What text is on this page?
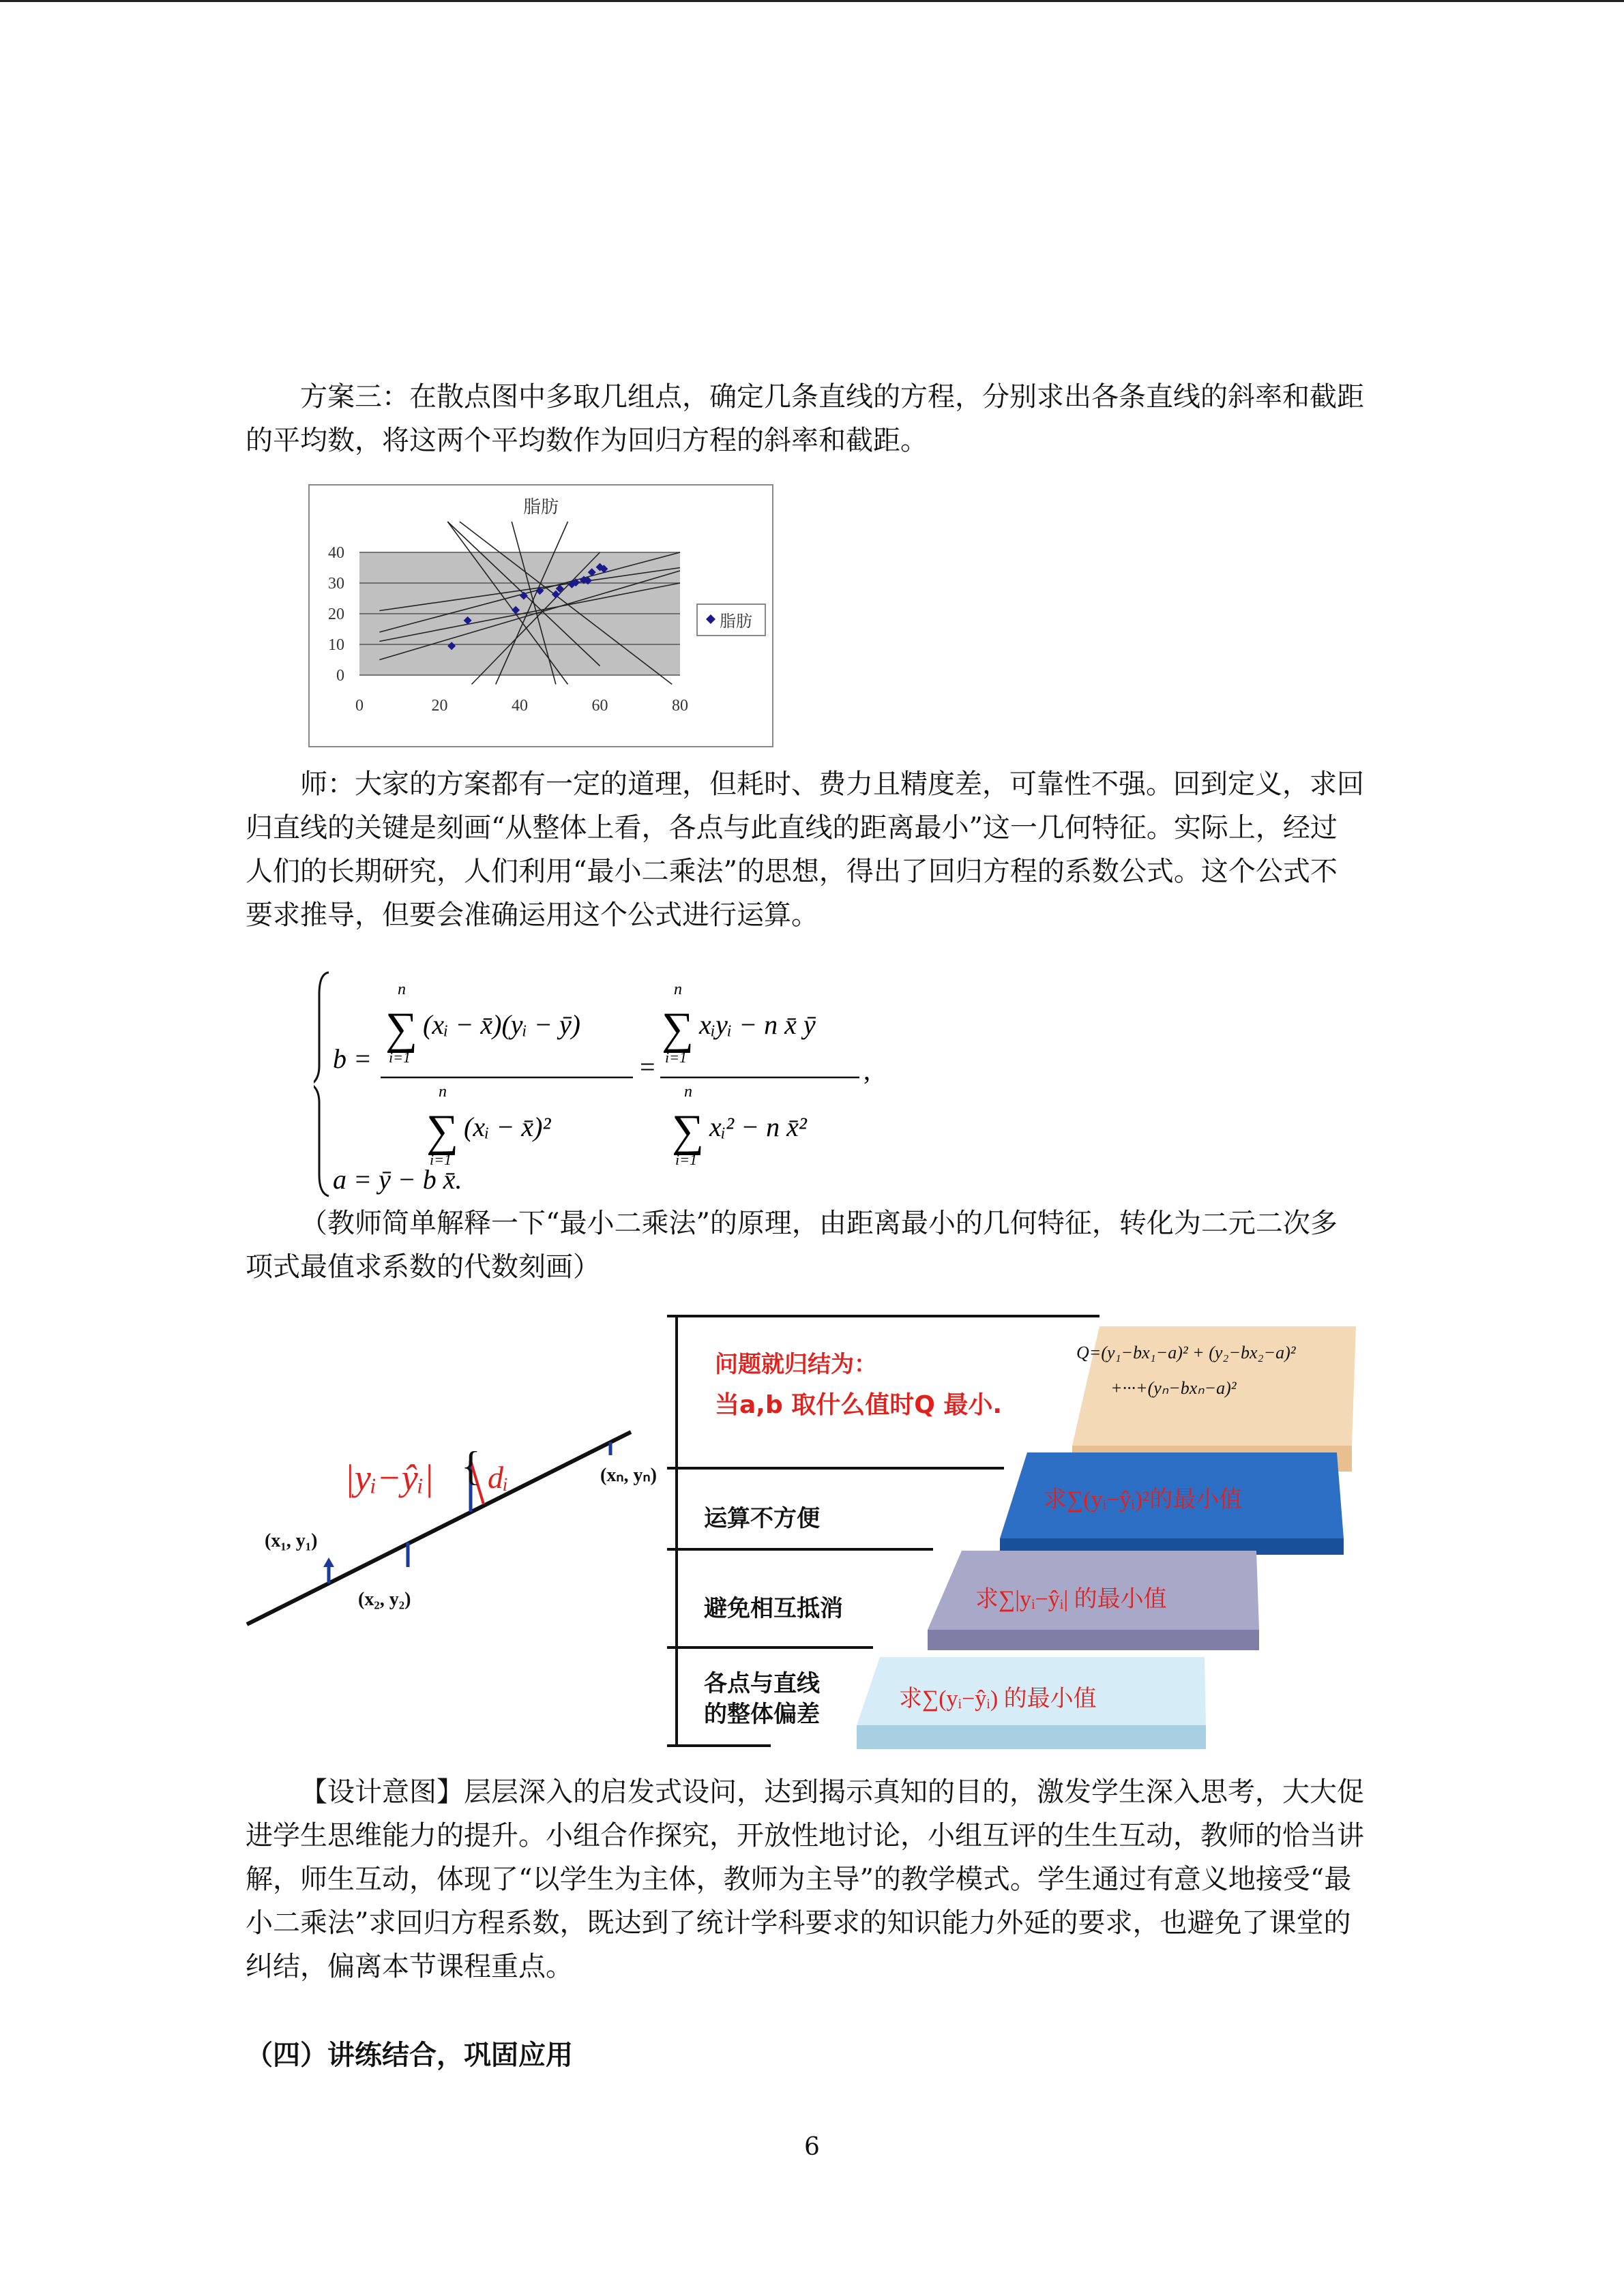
方案三：在散点图中多取几组点，确定几条直线的方程，分别求出各条直线的斜率和截距的平均数，将这两个平均数作为回归方程的斜率和截距。

脂肪
0
10
20
30
40
0	20	40	60	80
脂肪

师：大家的方案都有一定的道理，但耗时、费力且精度差，可靠性不强。回到定义，求回归直线的关键是刻画“从整体上看，各点与此直线的距离最小”这一几何特征。实际上，经过人们的长期研究，人们利用“最小二乘法”的思想，得出了回归方程的系数公式。这个公式不要求推导，但要会准确运用这个公式进行运算。

b =
n
∑
i=1
(xᵢ − x̄)(yᵢ − ȳ)
n
∑
i=1
(xᵢ − x̄)²
=
n
∑
i=1
xᵢyᵢ − n x̄ ȳ
n
∑
i=1
xᵢ² − n x̄²
,
a = ȳ − b x̄.

（教师简单解释一下“最小二乘法”的原理，由距离最小的几何特征，转化为二元二次多项式最值求系数的代数刻画）

(x₁, y₁)
(x₂, y₂)
(xₙ, yₙ)
|yᵢ−ŷᵢ| { dᵢ
问题就归结为：
当a,b 取什么值时Q 最小.
运算不方便
避免相互抵消
各点与直线
的整体偏差
Q=(y₁−bx₁−a)² + (y₂−bx₂−a)²
+···+(yₙ−bxₙ−a)²
求∑(yᵢ−ŷᵢ)²的最小值
求∑|yᵢ−ŷᵢ| 的最小值
求∑(yᵢ−ŷᵢ) 的最小值

【设计意图】层层深入的启发式设问，达到揭示真知的目的，激发学生深入思考，大大促进学生思维能力的提升。小组合作探究，开放性地讨论，小组互评的生生互动，教师的恰当讲解，师生互动，体现了“以学生为主体，教师为主导”的教学模式。学生通过有意义地接受“最小二乘法”求回归方程系数，既达到了统计学科要求的知识能力外延的要求，也避免了课堂的纠结，偏离本节课程重点。

（四）讲练结合，巩固应用

6
